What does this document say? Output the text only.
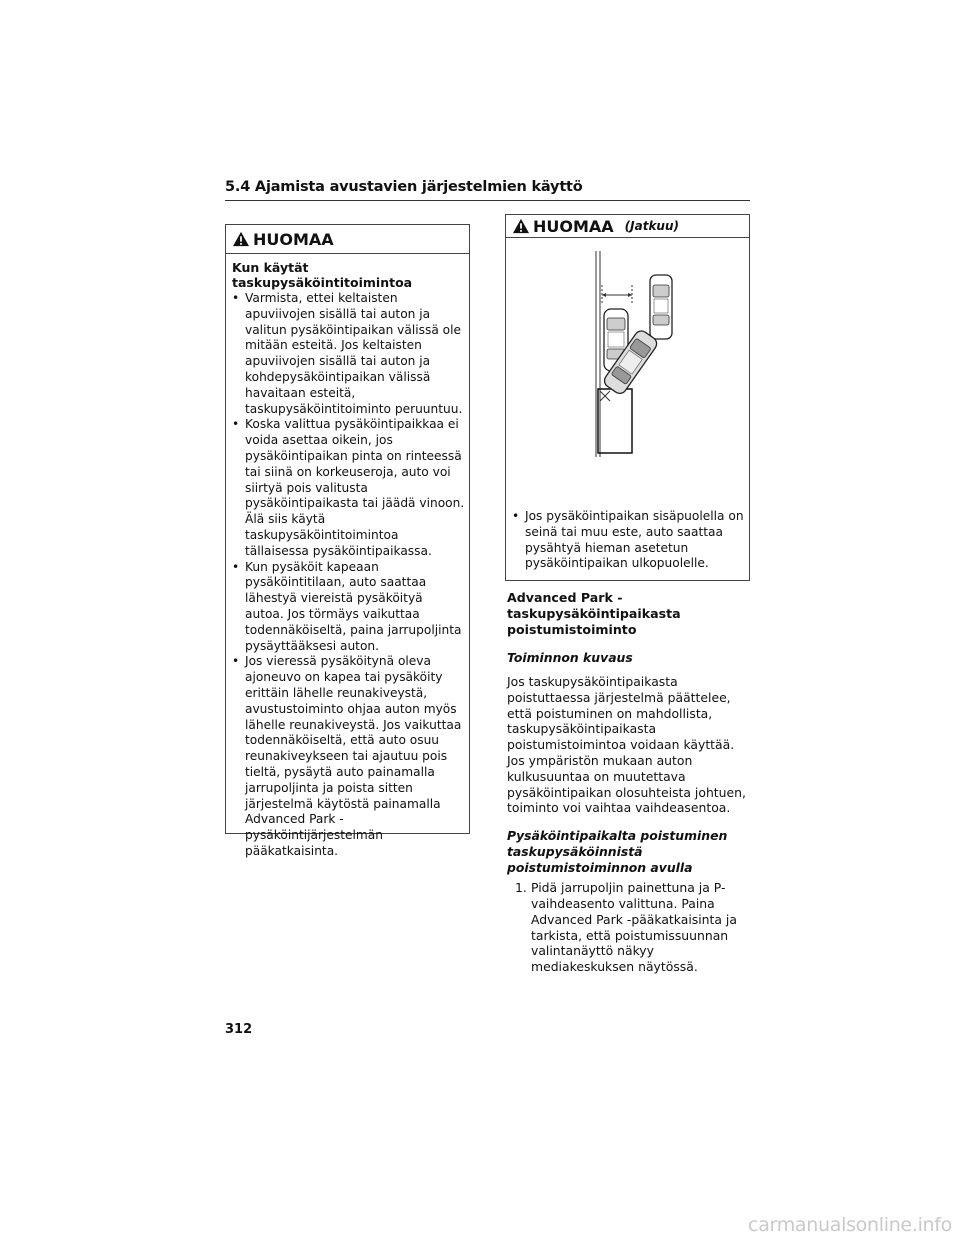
5.4 Ajamista avustavien järjestelmien käyttö
HUOMAA
Kun käytät taskupysäköintitoimintoa
• Varmista, ettei keltaisten apuviivojen sisällä tai auton ja valitun pysäköintipaikan välissä ole mitään esteitä. Jos keltaisten apuviivojen sisällä tai auton ja kohdepysäköintipaikan välissä havaitaan esteitä, taskupysäköintitoiminto peruuntuu.
• Koska valittua pysäköintipaikkaa ei voida asettaa oikein, jos pysäköintipaikan pinta on rinteessä tai siinä on korkeuseroja, auto voi siirtyä pois valitusta pysäköintipaikasta tai jäädä vinoon. Älä siis käytä taskupysäköintitoimintoa tällaisessa pysäköintipaikassa.
• Kun pysäköit kapeaan pysäköintitilaan, auto saattaa lähestyä viereistä pysäköityä autoa. Jos törmäys vaikuttaa todennäköiseltä, paina jarrupoljinta pysäyttääksesi auton.
• Jos vieressä pysäköitynä oleva ajoneuvo on kapea tai pysäköity erittäin lähelle reunakiveystä, avustustoiminto ohjaa auton myös lähelle reunakiveystä. Jos vaikuttaa todennäköiseltä, että auto osuu reunakiveykseen tai ajautuu pois tieltä, pysäytä auto painamalla jarrupoljinta ja poista sitten järjestelmä käytöstä painamalla Advanced Park -pysäköintijärjestelmän pääkatkaisinta.
HUOMAA (Jatkuu)
• Jos pysäköintipaikan sisäpuolella on seinä tai muu este, auto saattaa pysähtyä hieman asetetun pysäköintipaikan ulkopuolelle.
Advanced Park -taskupysäköintipaikasta poistumistoiminto
Toiminnon kuvaus
Jos taskupysäköintipaikasta poistuttaessa järjestelmä päättelee, että poistuminen on mahdollista, taskupysäköintipaikasta poistumistoimintoa voidaan käyttää. Jos ympäristön mukaan auton kulkusuuntaa on muutettava pysäköintipaikan olosuhteista johtuen, toiminto voi vaihtaa vaihdeasentoa.
Pysäköintipaikalta poistuminen taskupysäköinnistä poistumistoiminnon avulla
1. Pidä jarrupoljin painettuna ja P-vaihdeasento valittuna. Paina Advanced Park -pääkatkaisinta ja tarkista, että poistumissuunnan valintanäyttö näkyy mediakeskuksen näytössä.
312
carmanualsonline.info
